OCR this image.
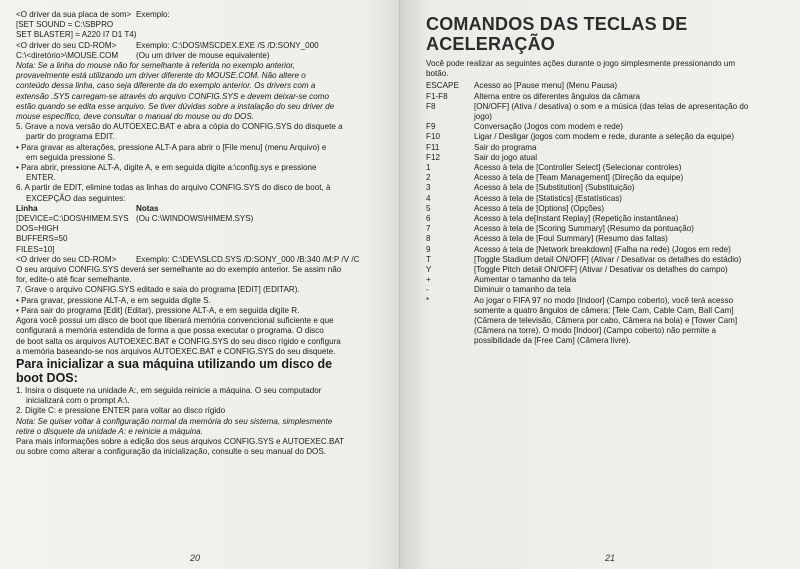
<O driver da sua placa de som> Exemplo:
[SET SOUND = C:\SBPRO
SET BLASTER] = A220 I7 D1 T4)
<O driver do seu CD-ROM>	Exemplo: C:\DOS\MSCDEX.EXE /S /D:SONY_000
C:\<diretório>\MOUSE.COM	(Ou um driver de mouse equivalente)
Nota: Se a linha do mouse não for semelhante à referida no exemplo anterior,
provavelmente está utilizando um driver diferente do MOUSE.COM. Não altere o
conteúdo dessa linha, caso seja diferente da do exemplo anterior. Os drivers com a
extensão .SYS carregam-se através do arquivo CONFIG.SYS e devem deixar-se como
estão quando se edita esse arquivo. Se tiver dúvidas sobre a instalação do seu driver de
mouse específico, deve consultar o manual do mouse ou do DOS.
5. Grave a nova versão do AUTOEXEC.BAT e abra a cópia do CONFIG.SYS do disquete a
partir do programa EDIT.
• Para gravar as alterações, pressione ALT-A para abrir o [File menu] (menu Arquivo) e
em seguida pressione S.
• Para abrir, pressione ALT-A, digite A, e em seguida digite a:\config.sys e pressione
ENTER.
6. A partir de EDIT, elimine todas as linhas do arquivo CONFIG.SYS do disco de boot, à
EXCEPÇÃO das seguintes:
Linha	Notas
[DEVICE=C:\DOS\HIMEM.SYS (Ou C:\WINDOWS\HIMEM.SYS)
DOS=HIGH
BUFFERS=50
FILES=10]
<O driver do seu CD-ROM>	Exemplo: C:\DEV\SLCD.SYS /D:SONY_000 /B:340 /M:P /V /C
O seu arquivo CONFIG.SYS deverá ser semelhante ao do exemplo anterior. Se assim não
for, edite-o até ficar semelhante.
7. Grave o arquivo CONFIG.SYS editado e saia do programa [EDIT] (EDITAR).
• Para gravar, pressione ALT-A, e em seguida digite S.
• Para sair do programa [Edit] (Editar), pressione ALT-A, e em seguida digite R.
Agora você possui um disco de boot que liberará memória convencional suficiente e que
configurará a memória estendida de forma a que possa executar o programa. O disco
de boot salta os arquivos AUTOEXEC.BAT e CONFIG.SYS do seu disco rígido e configura
a memória baseando-se nos arquivos AUTOEXEC.BAT e CONFIG.SYS do seu disquete.
Para inicializar a sua máquina utilizando um disco de
boot DOS:
1. Insira o disquete na unidade A:, em seguida reinicie a máquina. O seu computador
inicializará com o prompt A:\.
2. Digite C: e pressione ENTER para voltar ao disco rígido
Nota: Se quiser voltar à configuração normal da memória do seu sistema, simplesmente
retire o disquete da unidade A: e reinicie a máquina.
Para mais informações sobre a edição dos seus arquivos CONFIG.SYS e AUTOEXEC.BAT
ou sobre como alterar a configuração da inicialização, consulte o seu manual do DOS.
20
COMANDOS DAS TECLAS DE
ACELERAÇÃO
Você pode realizar as seguintes ações durante o jogo simplesmente pressionando um
botão.
ESCAPE	Acesso ao [Pause menu] (Menu Pausa)
F1-F8	Alterna entre os diferentes ângulos da câmara
F8	[ON/OFF] (Ativa / desativa) o som e a música (das telas de apresentação do
jogo)
F9	Conversação (Jogos com modem e rede)
F10	Ligar / Desligar (jogos com modem e rede, durante a seleção da equipe)
F11	Sair do programa
F12	Sair do jogo atual
1	Acesso à tela de [Controller Select] (Selecionar controles)
2	Acesso à tela de [Team Management] (Direção da equipe)
3	Acesso à tela de [Substitution] (Substituição)
4	Acesso à tela de [Statistics] (Estatísticas)
5	Acesso à tela de [Options] (Opções)
6	Acesso à tela de[Instant Replay] (Repetição instantânea)
7	Acesso à tela de [Scoring Summary] (Resumo da pontuação)
8	Acesso à tela de [Foul Summary] (Resumo das faltas)
9	Acesso à tela de [Network breakdown] (Falha na rede) (Jogos em rede)
T	[Toggle Stadium detail ON/OFF] (Ativar / Desativar os detalhes do estádio)
Y	[Toggle Pitch detail ON/OFF] (Ativar / Desativar os detalhes do campo)
+	Aumentar o tamanho da tela
-	Diminuir o tamanho da tela
*	Ao jogar o FIFA 97 no modo [Indoor] (Campo coberto), você terá acesso
somente a quatro ângulos de câmera: [Tele Cam, Cable Cam, Ball Cam]
(Câmera de televisão, Câmera por cabo, Câmera na bola) e [Tower Cam]
(Câmera na torre). O modo [Indoor] (Campo coberto) não permite a
possibilidade da [Free Cam] (Câmera livre).
21
